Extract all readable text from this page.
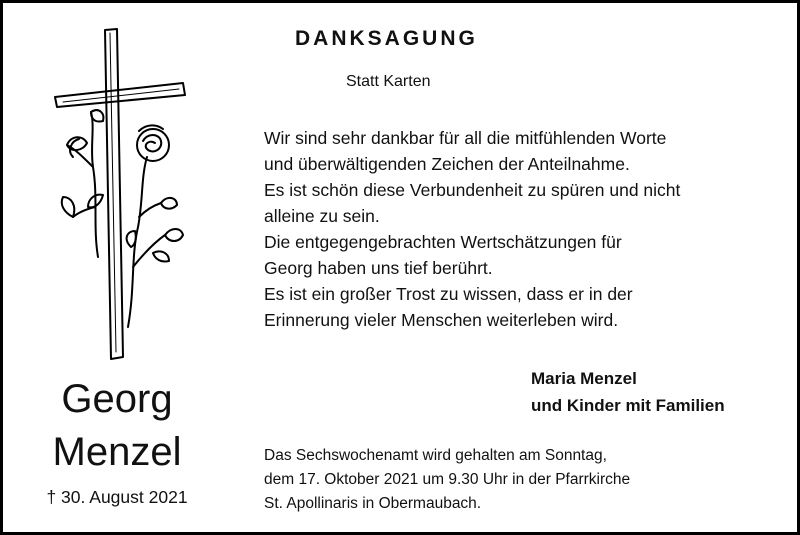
DANKSAGUNG
Statt Karten
Wir sind sehr dankbar für all die mitfühlenden Worte
und überwältigenden Zeichen der Anteilnahme.
Es ist schön diese Verbundenheit zu spüren und nicht
alleine zu sein.
Die entgegengebrachten Wertschätzungen für
Georg haben uns tief berührt.
Es ist ein großer Trost zu wissen, dass er in der
Erinnerung vieler Menschen weiterleben wird.
Maria Menzel
und Kinder mit Familien
Das Sechswochenamt wird gehalten am Sonntag,
dem 17. Oktober 2021 um 9.30 Uhr in der Pfarrkirche
St. Apollinaris in Obermaubach.
Georg
Menzel
† 30. August 2021
